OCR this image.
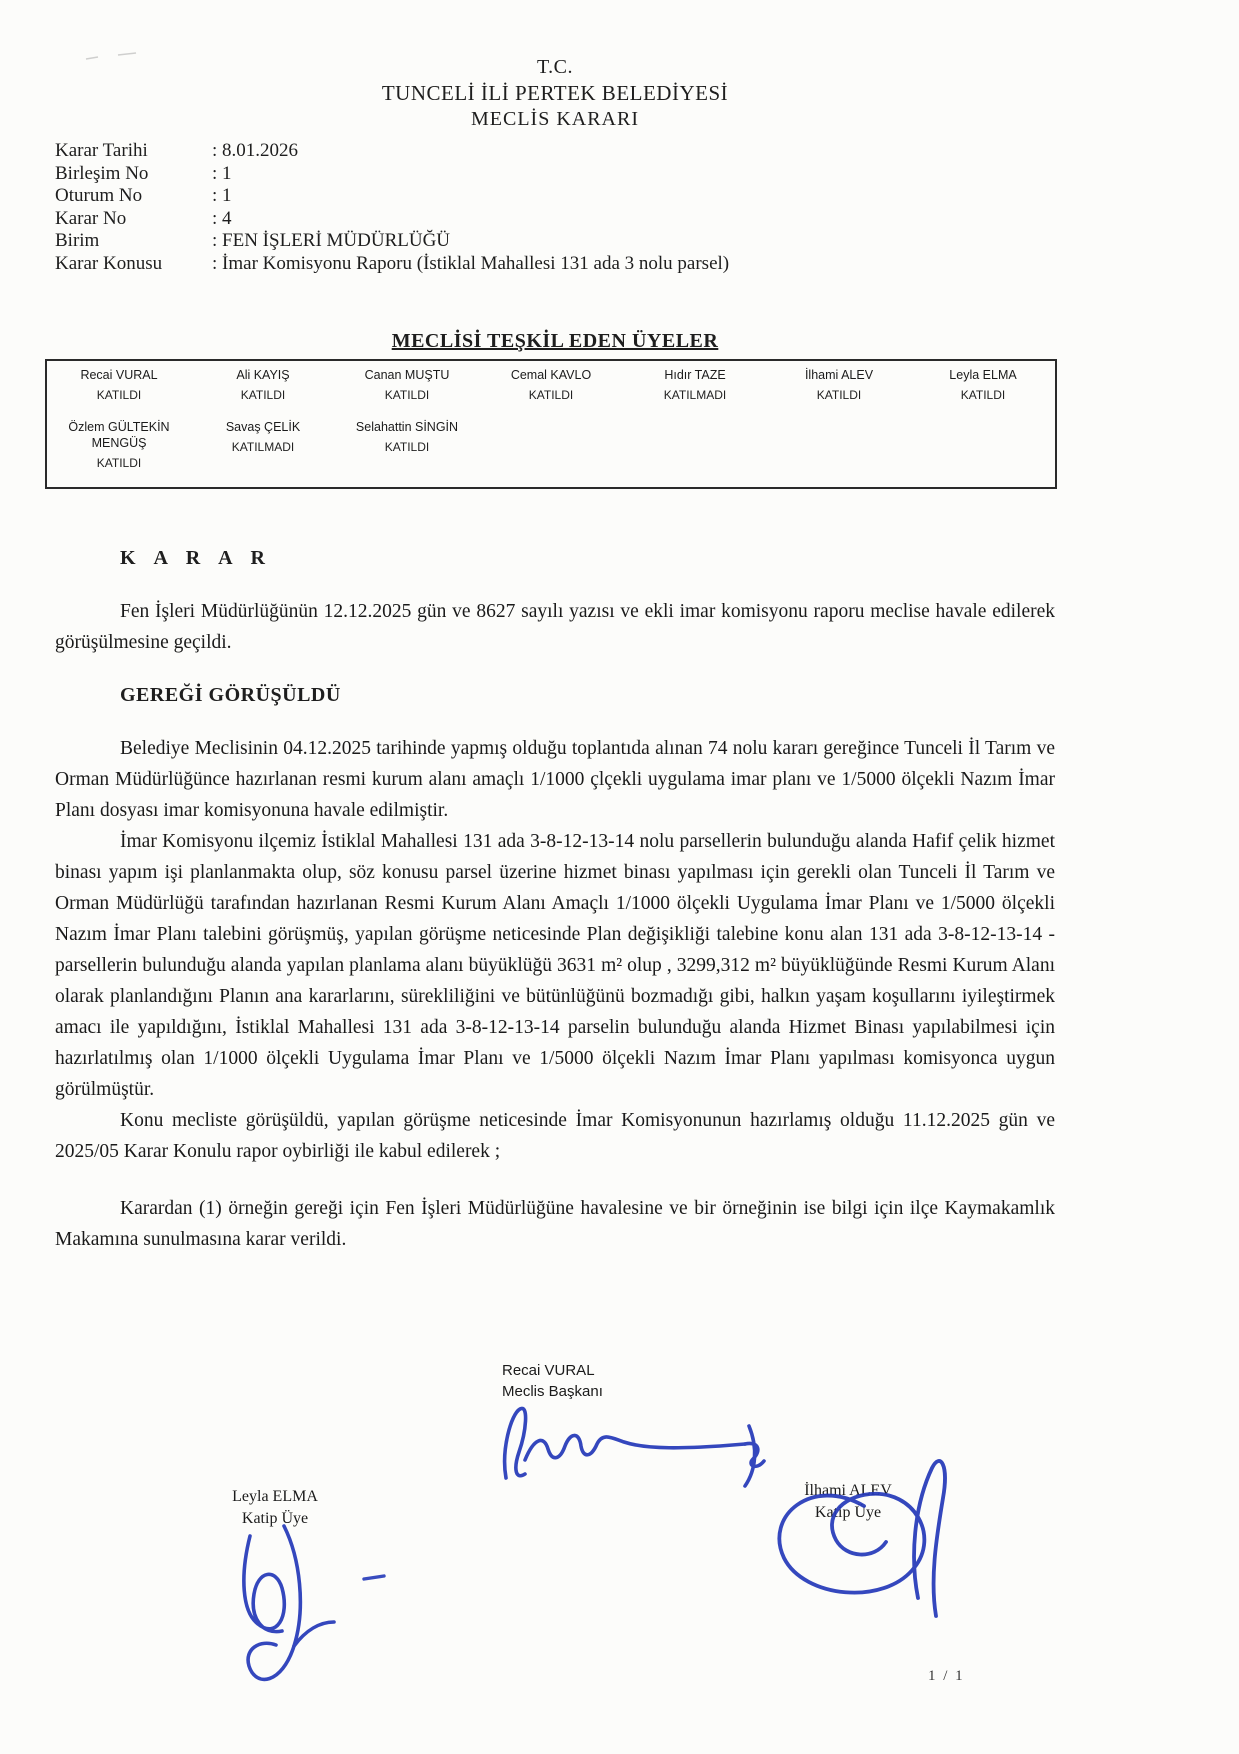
T.C.
TUNCELİ İLİ PERTEK BELEDİYESİ
MECLİS KARARI
Karar Tarihi	: 8.01.2026
Birleşim No	: 1
Oturum No	: 1
Karar No	: 4
Birim	: FEN İŞLERİ MÜDÜRLÜĞÜ
Karar Konusu	: İmar Komisyonu Raporu (İstiklal Mahallesi 131 ada 3 nolu parsel)
MECLİSİ TEŞKİL EDEN ÜYELER
Recai VURAL
KATILDI
Ali KAYIŞ
KATILDI
Canan MUŞTU
KATILDI
Cemal KAVLO
KATILDI
Hıdır TAZE
KATILMADI
İlhami ALEV
KATILDI
Leyla ELMA
KATILDI
Özlem GÜLTEKİN MENGÜŞ
KATILDI
Savaş ÇELİK
KATILMADI
Selahattin SİNGİN
KATILDI
K A R A R

Fen İşleri Müdürlüğünün 12.12.2025 gün ve 8627 sayılı yazısı ve ekli imar komisyonu raporu meclise havale edilerek görüşülmesine geçildi.

GEREĞİ GÖRÜŞÜLDÜ

Belediye Meclisinin 04.12.2025 tarihinde yapmış olduğu toplantıda alınan 74 nolu kararı gereğince Tunceli İl Tarım ve Orman Müdürlüğünce hazırlanan resmi kurum alanı amaçlı 1/1000 çlçekli uygulama imar planı ve 1/5000 ölçekli Nazım İmar Planı dosyası imar komisyonuna havale edilmiştir.

İmar Komisyonu ilçemiz İstiklal Mahallesi 131 ada 3-8-12-13-14 nolu parsellerin bulunduğu alanda Hafif çelik hizmet binası yapım işi planlanmakta olup, söz konusu parsel üzerine hizmet binası yapılması için gerekli olan Tunceli İl Tarım ve Orman Müdürlüğü tarafından hazırlanan Resmi Kurum Alanı Amaçlı 1/1000 ölçekli Uygulama İmar Planı ve 1/5000 ölçekli Nazım İmar Planı talebini görüşmüş, yapılan görüşme neticesinde Plan değişikliği talebine konu alan 131 ada 3-8-12-13-14 - parsellerin bulunduğu alanda yapılan planlama alanı büyüklüğü 3631 m² olup , 3299,312 m² büyüklüğünde Resmi Kurum Alanı olarak planlandığını Planın ana kararlarını, sürekliliğini ve bütünlüğünü bozmadığı gibi, halkın yaşam koşullarını iyileştirmek amacı ile yapıldığını, İstiklal Mahallesi 131 ada 3-8-12-13-14 parselin bulunduğu alanda Hizmet Binası yapılabilmesi için hazırlatılmış olan 1/1000 ölçekli Uygulama İmar Planı ve 1/5000 ölçekli Nazım İmar Planı yapılması komisyonca uygun görülmüştür.

Konu mecliste görüşüldü, yapılan görüşme neticesinde İmar Komisyonunun hazırlamış olduğu 11.12.2025 gün ve 2025/05 Karar Konulu rapor oybirliği ile kabul edilerek ;

Karardan (1) örneğin gereği için Fen İşleri Müdürlüğüne havalesine ve bir örneğinin ise bilgi için ilçe Kaymakamlık Makamına sunulmasına karar verildi.

Recai VURAL
Meclis Başkanı
Leyla ELMA
Katip Üye
İlhami ALEV
Katip Üye
1 / 1
